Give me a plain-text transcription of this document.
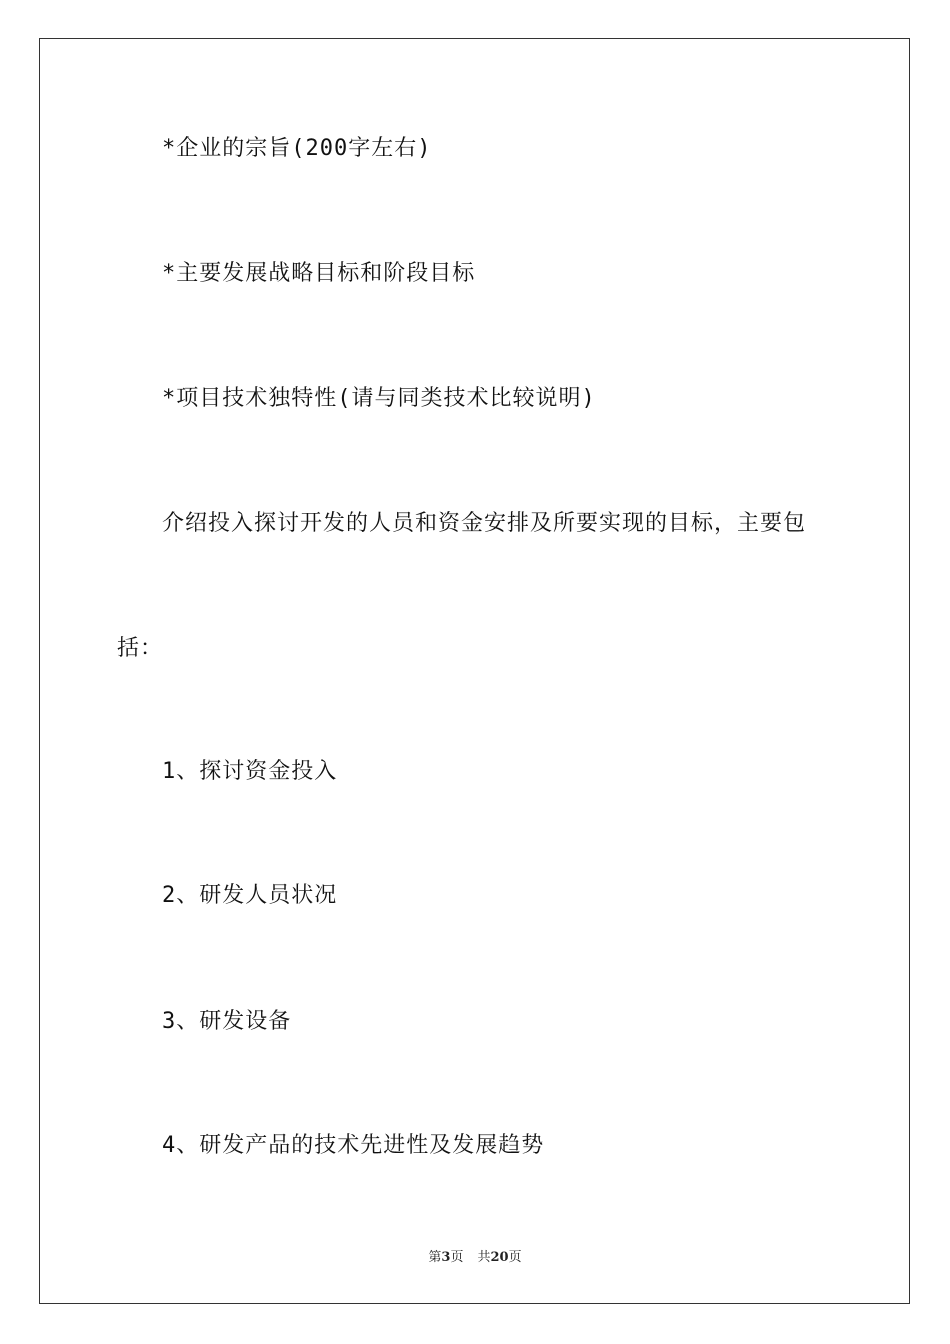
*企业的宗旨(200字左右)
*主要发展战略目标和阶段目标
*项目技术独特性(请与同类技术比较说明)
介绍投入探讨开发的人员和资金安排及所要实现的目标，主要包
括：
1、探讨资金投入
2、研发人员状况
3、研发设备
4、研发产品的技术先进性及发展趋势
第3页 共20页
